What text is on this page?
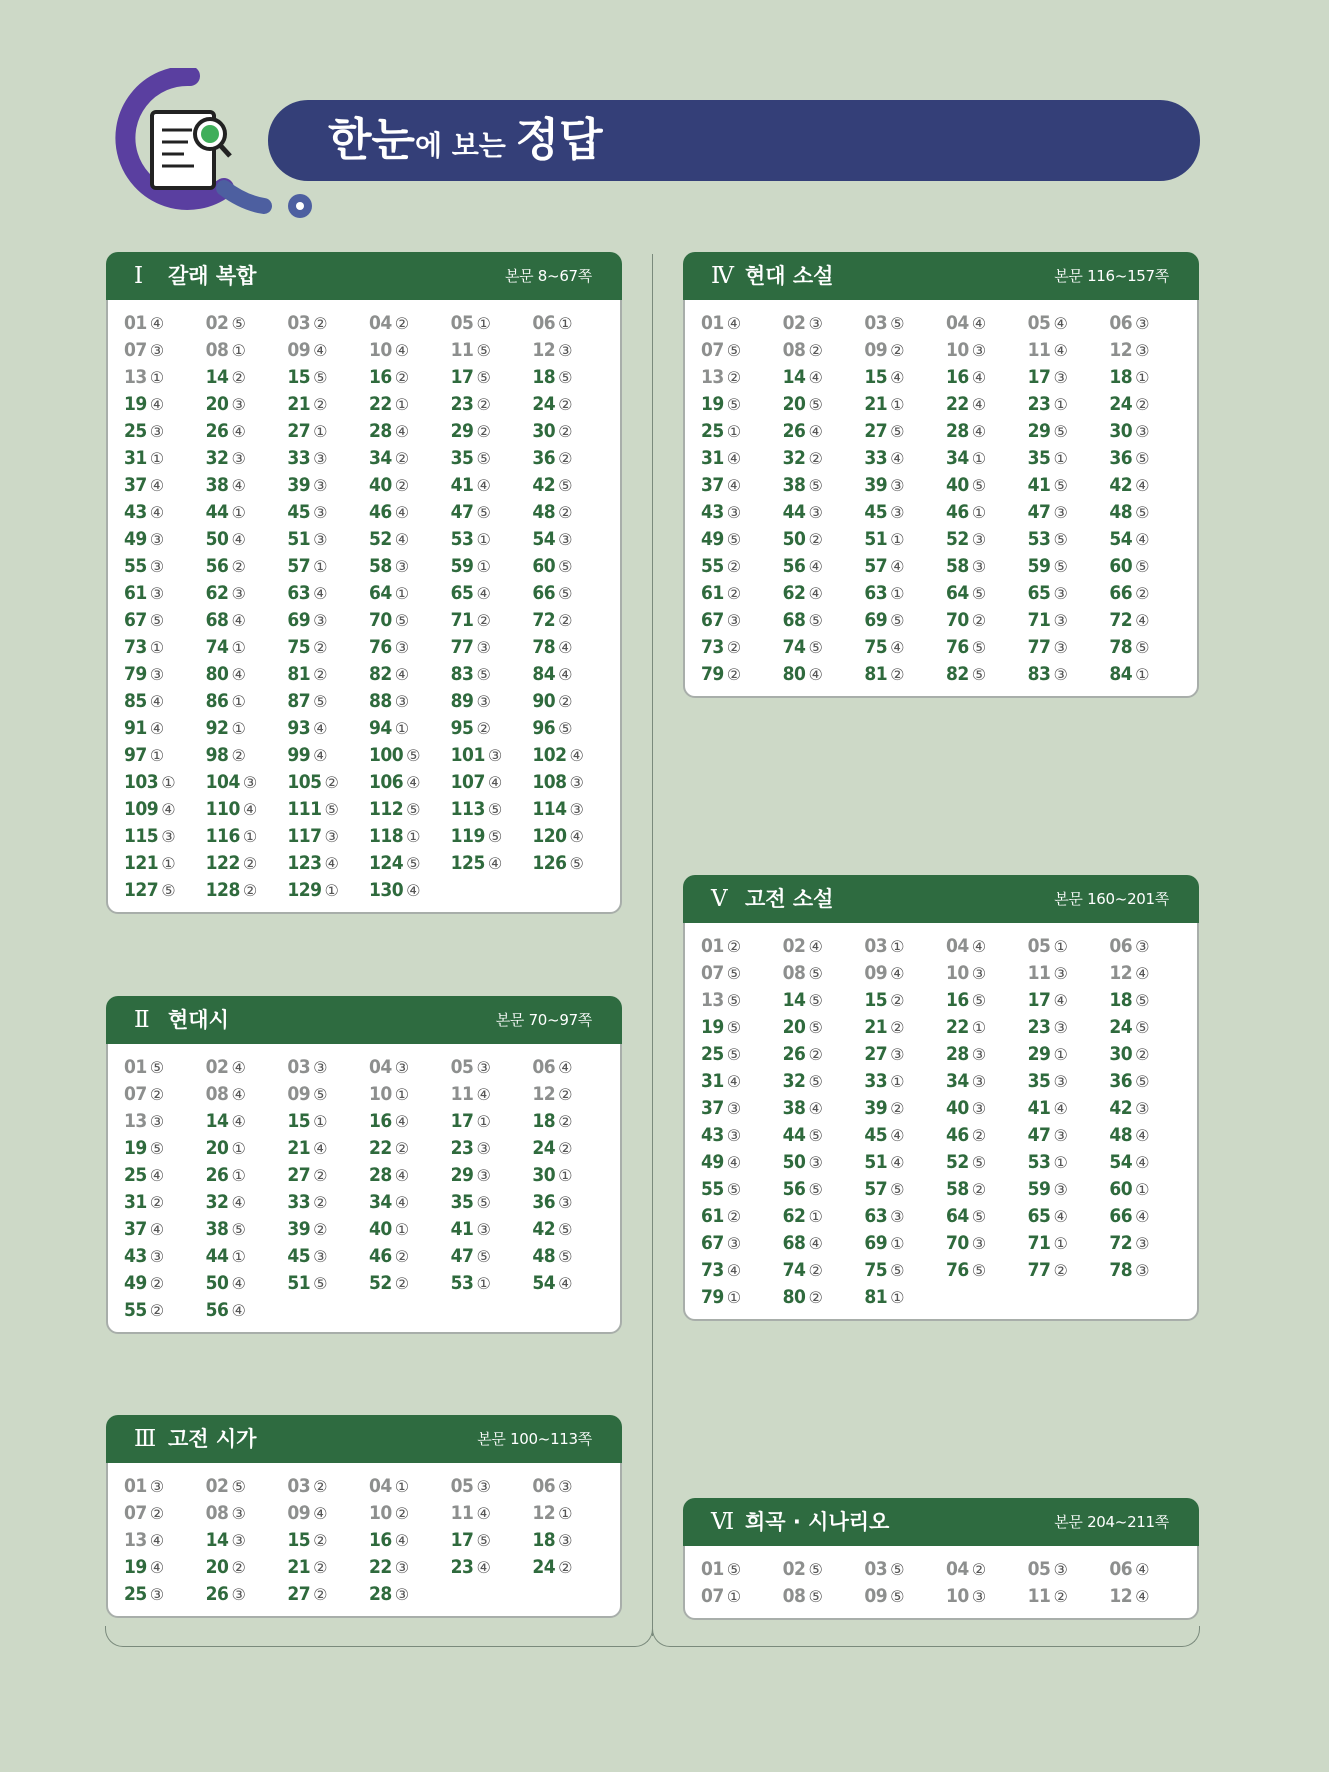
한눈에 보는 정답
Ⅰ 갈래 복합	본문 8~67쪽
01 ④	02 ⑤	03 ②	04 ②	05 ①	06 ①
07 ③	08 ①	09 ④	10 ④	11 ⑤	12 ③
13 ①	14 ②	15 ⑤	16 ②	17 ⑤	18 ⑤
19 ④	20 ③	21 ②	22 ①	23 ②	24 ②
25 ③	26 ④	27 ①	28 ④	29 ②	30 ②
31 ①	32 ③	33 ③	34 ②	35 ⑤	36 ②
37 ④	38 ④	39 ③	40 ②	41 ④	42 ⑤
43 ④	44 ①	45 ③	46 ④	47 ⑤	48 ②
49 ③	50 ④	51 ③	52 ④	53 ①	54 ③
55 ③	56 ②	57 ①	58 ③	59 ①	60 ⑤
61 ③	62 ③	63 ④	64 ①	65 ④	66 ⑤
67 ⑤	68 ④	69 ③	70 ⑤	71 ②	72 ②
73 ①	74 ①	75 ②	76 ③	77 ③	78 ④
79 ③	80 ④	81 ②	82 ④	83 ⑤	84 ④
85 ④	86 ①	87 ⑤	88 ③	89 ③	90 ②
91 ④	92 ①	93 ④	94 ①	95 ②	96 ⑤
97 ①	98 ②	99 ④	100 ⑤	101 ③	102 ④
103 ①	104 ③	105 ②	106 ④	107 ④	108 ③
109 ④	110 ④	111 ⑤	112 ⑤	113 ⑤	114 ③
115 ③	116 ①	117 ③	118 ①	119 ⑤	120 ④
121 ①	122 ②	123 ④	124 ⑤	125 ④	126 ⑤
127 ⑤	128 ②	129 ①	130 ④
Ⅱ 현대시	본문 70~97쪽
01 ⑤	02 ④	03 ③	04 ③	05 ③	06 ④
07 ②	08 ④	09 ⑤	10 ①	11 ④	12 ②
13 ③	14 ④	15 ①	16 ④	17 ①	18 ②
19 ⑤	20 ①	21 ④	22 ②	23 ③	24 ②
25 ④	26 ①	27 ②	28 ④	29 ③	30 ①
31 ②	32 ④	33 ②	34 ④	35 ⑤	36 ③
37 ④	38 ⑤	39 ②	40 ①	41 ③	42 ⑤
43 ③	44 ①	45 ③	46 ②	47 ⑤	48 ⑤
49 ②	50 ④	51 ⑤	52 ②	53 ①	54 ④
55 ②	56 ④
Ⅲ 고전 시가	본문 100~113쪽
01 ③	02 ⑤	03 ②	04 ①	05 ③	06 ③
07 ②	08 ③	09 ④	10 ②	11 ④	12 ①
13 ④	14 ③	15 ②	16 ④	17 ⑤	18 ③
19 ④	20 ②	21 ②	22 ③	23 ④	24 ②
25 ③	26 ③	27 ②	28 ③
Ⅳ 현대 소설	본문 116~157쪽
01 ④	02 ③	03 ⑤	04 ④	05 ④	06 ③
07 ⑤	08 ②	09 ②	10 ③	11 ④	12 ③
13 ②	14 ④	15 ④	16 ④	17 ③	18 ①
19 ⑤	20 ⑤	21 ①	22 ④	23 ①	24 ②
25 ①	26 ④	27 ⑤	28 ④	29 ⑤	30 ③
31 ④	32 ②	33 ④	34 ①	35 ①	36 ⑤
37 ④	38 ⑤	39 ③	40 ⑤	41 ⑤	42 ④
43 ③	44 ③	45 ③	46 ①	47 ③	48 ⑤
49 ⑤	50 ②	51 ①	52 ③	53 ⑤	54 ④
55 ②	56 ④	57 ④	58 ③	59 ⑤	60 ⑤
61 ②	62 ④	63 ①	64 ⑤	65 ③	66 ②
67 ③	68 ⑤	69 ⑤	70 ②	71 ③	72 ④
73 ②	74 ⑤	75 ④	76 ⑤	77 ③	78 ⑤
79 ②	80 ④	81 ②	82 ⑤	83 ③	84 ①
Ⅴ 고전 소설	본문 160~201쪽
01 ②	02 ④	03 ①	04 ④	05 ①	06 ③
07 ⑤	08 ⑤	09 ④	10 ③	11 ③	12 ④
13 ⑤	14 ⑤	15 ②	16 ⑤	17 ④	18 ⑤
19 ⑤	20 ⑤	21 ②	22 ①	23 ③	24 ⑤
25 ⑤	26 ②	27 ③	28 ③	29 ①	30 ②
31 ④	32 ⑤	33 ①	34 ③	35 ③	36 ⑤
37 ③	38 ④	39 ②	40 ③	41 ④	42 ③
43 ③	44 ⑤	45 ④	46 ②	47 ③	48 ④
49 ④	50 ③	51 ④	52 ⑤	53 ①	54 ④
55 ⑤	56 ⑤	57 ⑤	58 ②	59 ③	60 ①
61 ②	62 ①	63 ③	64 ⑤	65 ④	66 ④
67 ③	68 ④	69 ①	70 ③	71 ①	72 ③
73 ④	74 ②	75 ⑤	76 ⑤	77 ②	78 ③
79 ①	80 ②	81 ①
Ⅵ 희곡 · 시나리오	본문 204~211쪽
01 ⑤	02 ⑤	03 ⑤	04 ②	05 ③	06 ④
07 ①	08 ⑤	09 ⑤	10 ③	11 ②	12 ④
